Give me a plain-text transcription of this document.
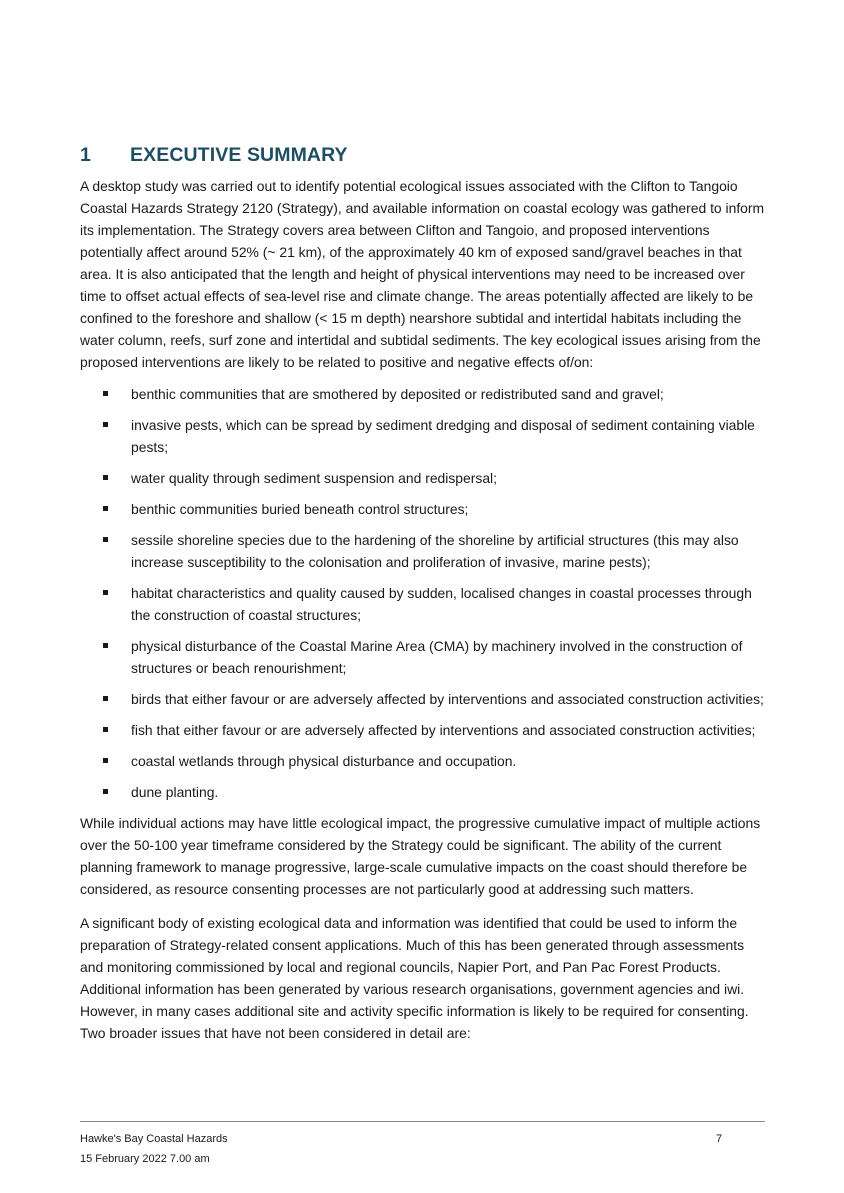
1 EXECUTIVE SUMMARY

A desktop study was carried out to identify potential ecological issues associated with the Clifton to Tangoio Coastal Hazards Strategy 2120 (Strategy), and available information on coastal ecology was gathered to inform its implementation. The Strategy covers area between Clifton and Tangoio, and proposed interventions potentially affect around 52% (~ 21 km), of the approximately 40 km of exposed sand/gravel beaches in that area. It is also anticipated that the length and height of physical interventions may need to be increased over time to offset actual effects of sea-level rise and climate change. The areas potentially affected are likely to be confined to the foreshore and shallow (< 15 m depth) nearshore subtidal and intertidal habitats including the water column, reefs, surf zone and intertidal and subtidal sediments. The key ecological issues arising from the proposed interventions are likely to be related to positive and negative effects of/on:

benthic communities that are smothered by deposited or redistributed sand and gravel;
invasive pests, which can be spread by sediment dredging and disposal of sediment containing viable pests;
water quality through sediment suspension and redispersal;
benthic communities buried beneath control structures;
sessile shoreline species due to the hardening of the shoreline by artificial structures (this may also increase susceptibility to the colonisation and proliferation of invasive, marine pests);
habitat characteristics and quality caused by sudden, localised changes in coastal processes through the construction of coastal structures;
physical disturbance of the Coastal Marine Area (CMA) by machinery involved in the construction of structures or beach renourishment;
birds that either favour or are adversely affected by interventions and associated construction activities;
fish that either favour or are adversely affected by interventions and associated construction activities;
coastal wetlands through physical disturbance and occupation.
dune planting.

While individual actions may have little ecological impact, the progressive cumulative impact of multiple actions over the 50-100 year timeframe considered by the Strategy could be significant. The ability of the current planning framework to manage progressive, large-scale cumulative impacts on the coast should therefore be considered, as resource consenting processes are not particularly good at addressing such matters.

A significant body of existing ecological data and information was identified that could be used to inform the preparation of Strategy-related consent applications. Much of this has been generated through assessments and monitoring commissioned by local and regional councils, Napier Port, and Pan Pac Forest Products. Additional information has been generated by various research organisations, government agencies and iwi. However, in many cases additional site and activity specific information is likely to be required for consenting. Two broader issues that have not been considered in detail are:

Hawke's Bay Coastal Hazards
15 February 2022 7.00 am
7
